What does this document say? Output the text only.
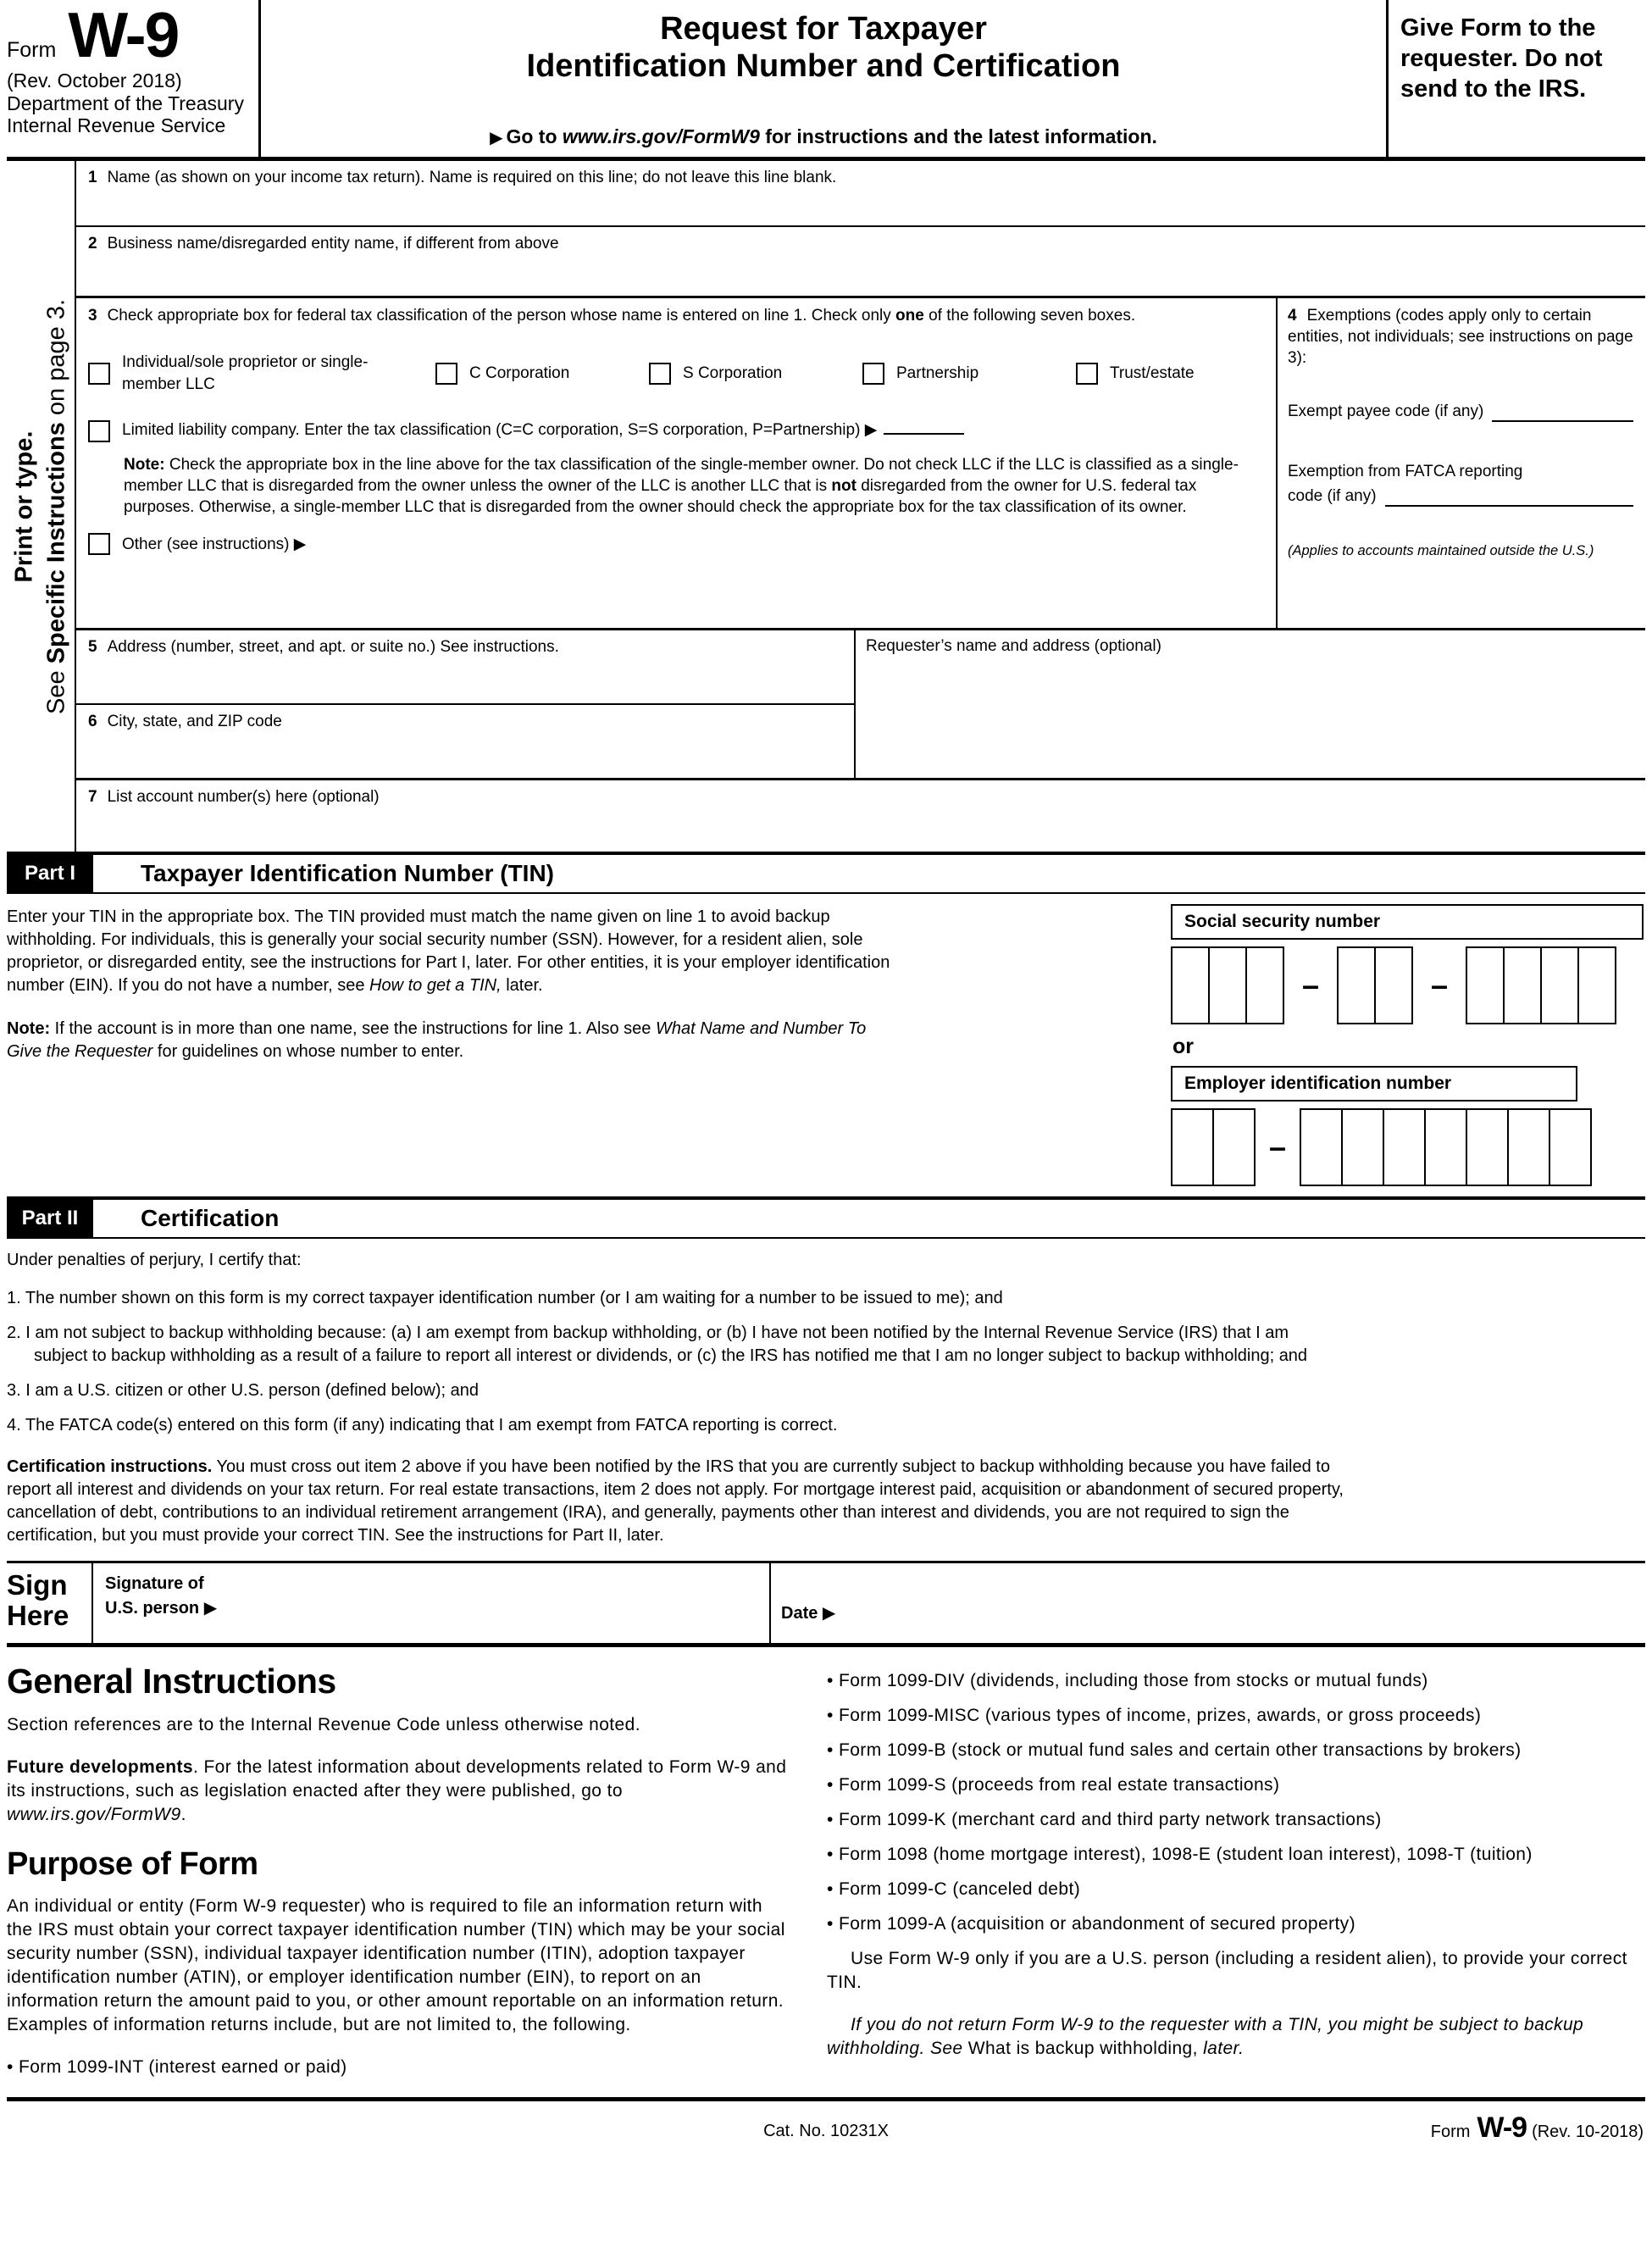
Form W-9
(Rev. October 2018)
Department of the Treasury
Internal Revenue Service
Request for Taxpayer
Identification Number and Certification
▶ Go to www.irs.gov/FormW9 for instructions and the latest information.
Give Form to the requester. Do not send to the IRS.
Print or type.
See Specific Instructions on page 3.
1 Name (as shown on your income tax return). Name is required on this line; do not leave this line blank.
2 Business name/disregarded entity name, if different from above
3 Check appropriate box for federal tax classification of the person whose name is entered on line 1. Check only one of the following seven boxes.
Individual/sole proprietor or single-member LLC
C Corporation	S Corporation	Partnership	Trust/estate
Limited liability company. Enter the tax classification (C=C corporation, S=S corporation, P=Partnership) ▶
Note: Check the appropriate box in the line above for the tax classification of the single-member owner. Do not check LLC if the LLC is classified as a single-member LLC that is disregarded from the owner unless the owner of the LLC is another LLC that is not disregarded from the owner for U.S. federal tax purposes. Otherwise, a single-member LLC that is disregarded from the owner should check the appropriate box for the tax classification of its owner.
Other (see instructions) ▶
4 Exemptions (codes apply only to certain entities, not individuals; see instructions on page 3):
Exempt payee code (if any)
Exemption from FATCA reporting
code (if any)
(Applies to accounts maintained outside the U.S.)
5 Address (number, street, and apt. or suite no.) See instructions.
6 City, state, and ZIP code
Requester’s name and address (optional)
7 List account number(s) here (optional)
Part I	Taxpayer Identification Number (TIN)
Enter your TIN in the appropriate box. The TIN provided must match the name given on line 1 to avoid backup withholding. For individuals, this is generally your social security number (SSN). However, for a resident alien, sole proprietor, or disregarded entity, see the instructions for Part I, later. For other entities, it is your employer identification number (EIN). If you do not have a number, see How to get a TIN, later.
Note: If the account is in more than one name, see the instructions for line 1. Also see What Name and Number To Give the Requester for guidelines on whose number to enter.
Social security number
–	–
or
Employer identification number
–
Part II	Certification
Under penalties of perjury, I certify that:
1. The number shown on this form is my correct taxpayer identification number (or I am waiting for a number to be issued to me); and
2. I am not subject to backup withholding because: (a) I am exempt from backup withholding, or (b) I have not been notified by the Internal Revenue Service (IRS) that I am subject to backup withholding as a result of a failure to report all interest or dividends, or (c) the IRS has notified me that I am no longer subject to backup withholding; and
3. I am a U.S. citizen or other U.S. person (defined below); and
4. The FATCA code(s) entered on this form (if any) indicating that I am exempt from FATCA reporting is correct.
Certification instructions. You must cross out item 2 above if you have been notified by the IRS that you are currently subject to backup withholding because you have failed to report all interest and dividends on your tax return. For real estate transactions, item 2 does not apply. For mortgage interest paid, acquisition or abandonment of secured property, cancellation of debt, contributions to an individual retirement arrangement (IRA), and generally, payments other than interest and dividends, you are not required to sign the certification, but you must provide your correct TIN. See the instructions for Part II, later.
Sign
Here
Signature of
U.S. person ▶	Date ▶
General Instructions

Section references are to the Internal Revenue Code unless otherwise noted.

Future developments. For the latest information about developments related to Form W-9 and its instructions, such as legislation enacted after they were published, go to www.irs.gov/FormW9.

Purpose of Form

An individual or entity (Form W-9 requester) who is required to file an information return with the IRS must obtain your correct taxpayer identification number (TIN) which may be your social security number (SSN), individual taxpayer identification number (ITIN), adoption taxpayer identification number (ATIN), or employer identification number (EIN), to report on an information return the amount paid to you, or other amount reportable on an information return. Examples of information returns include, but are not limited to, the following.

• Form 1099-INT (interest earned or paid)

• Form 1099-DIV (dividends, including those from stocks or mutual funds)

• Form 1099-MISC (various types of income, prizes, awards, or gross proceeds)

• Form 1099-B (stock or mutual fund sales and certain other transactions by brokers)

• Form 1099-S (proceeds from real estate transactions)

• Form 1099-K (merchant card and third party network transactions)

• Form 1098 (home mortgage interest), 1098-E (student loan interest), 1098-T (tuition)

• Form 1099-C (canceled debt)

• Form 1099-A (acquisition or abandonment of secured property)

Use Form W-9 only if you are a U.S. person (including a resident alien), to provide your correct TIN.

If you do not return Form W-9 to the requester with a TIN, you might be subject to backup withholding. See What is backup withholding, later.

Cat. No. 10231X	Form W-9 (Rev. 10-2018)
